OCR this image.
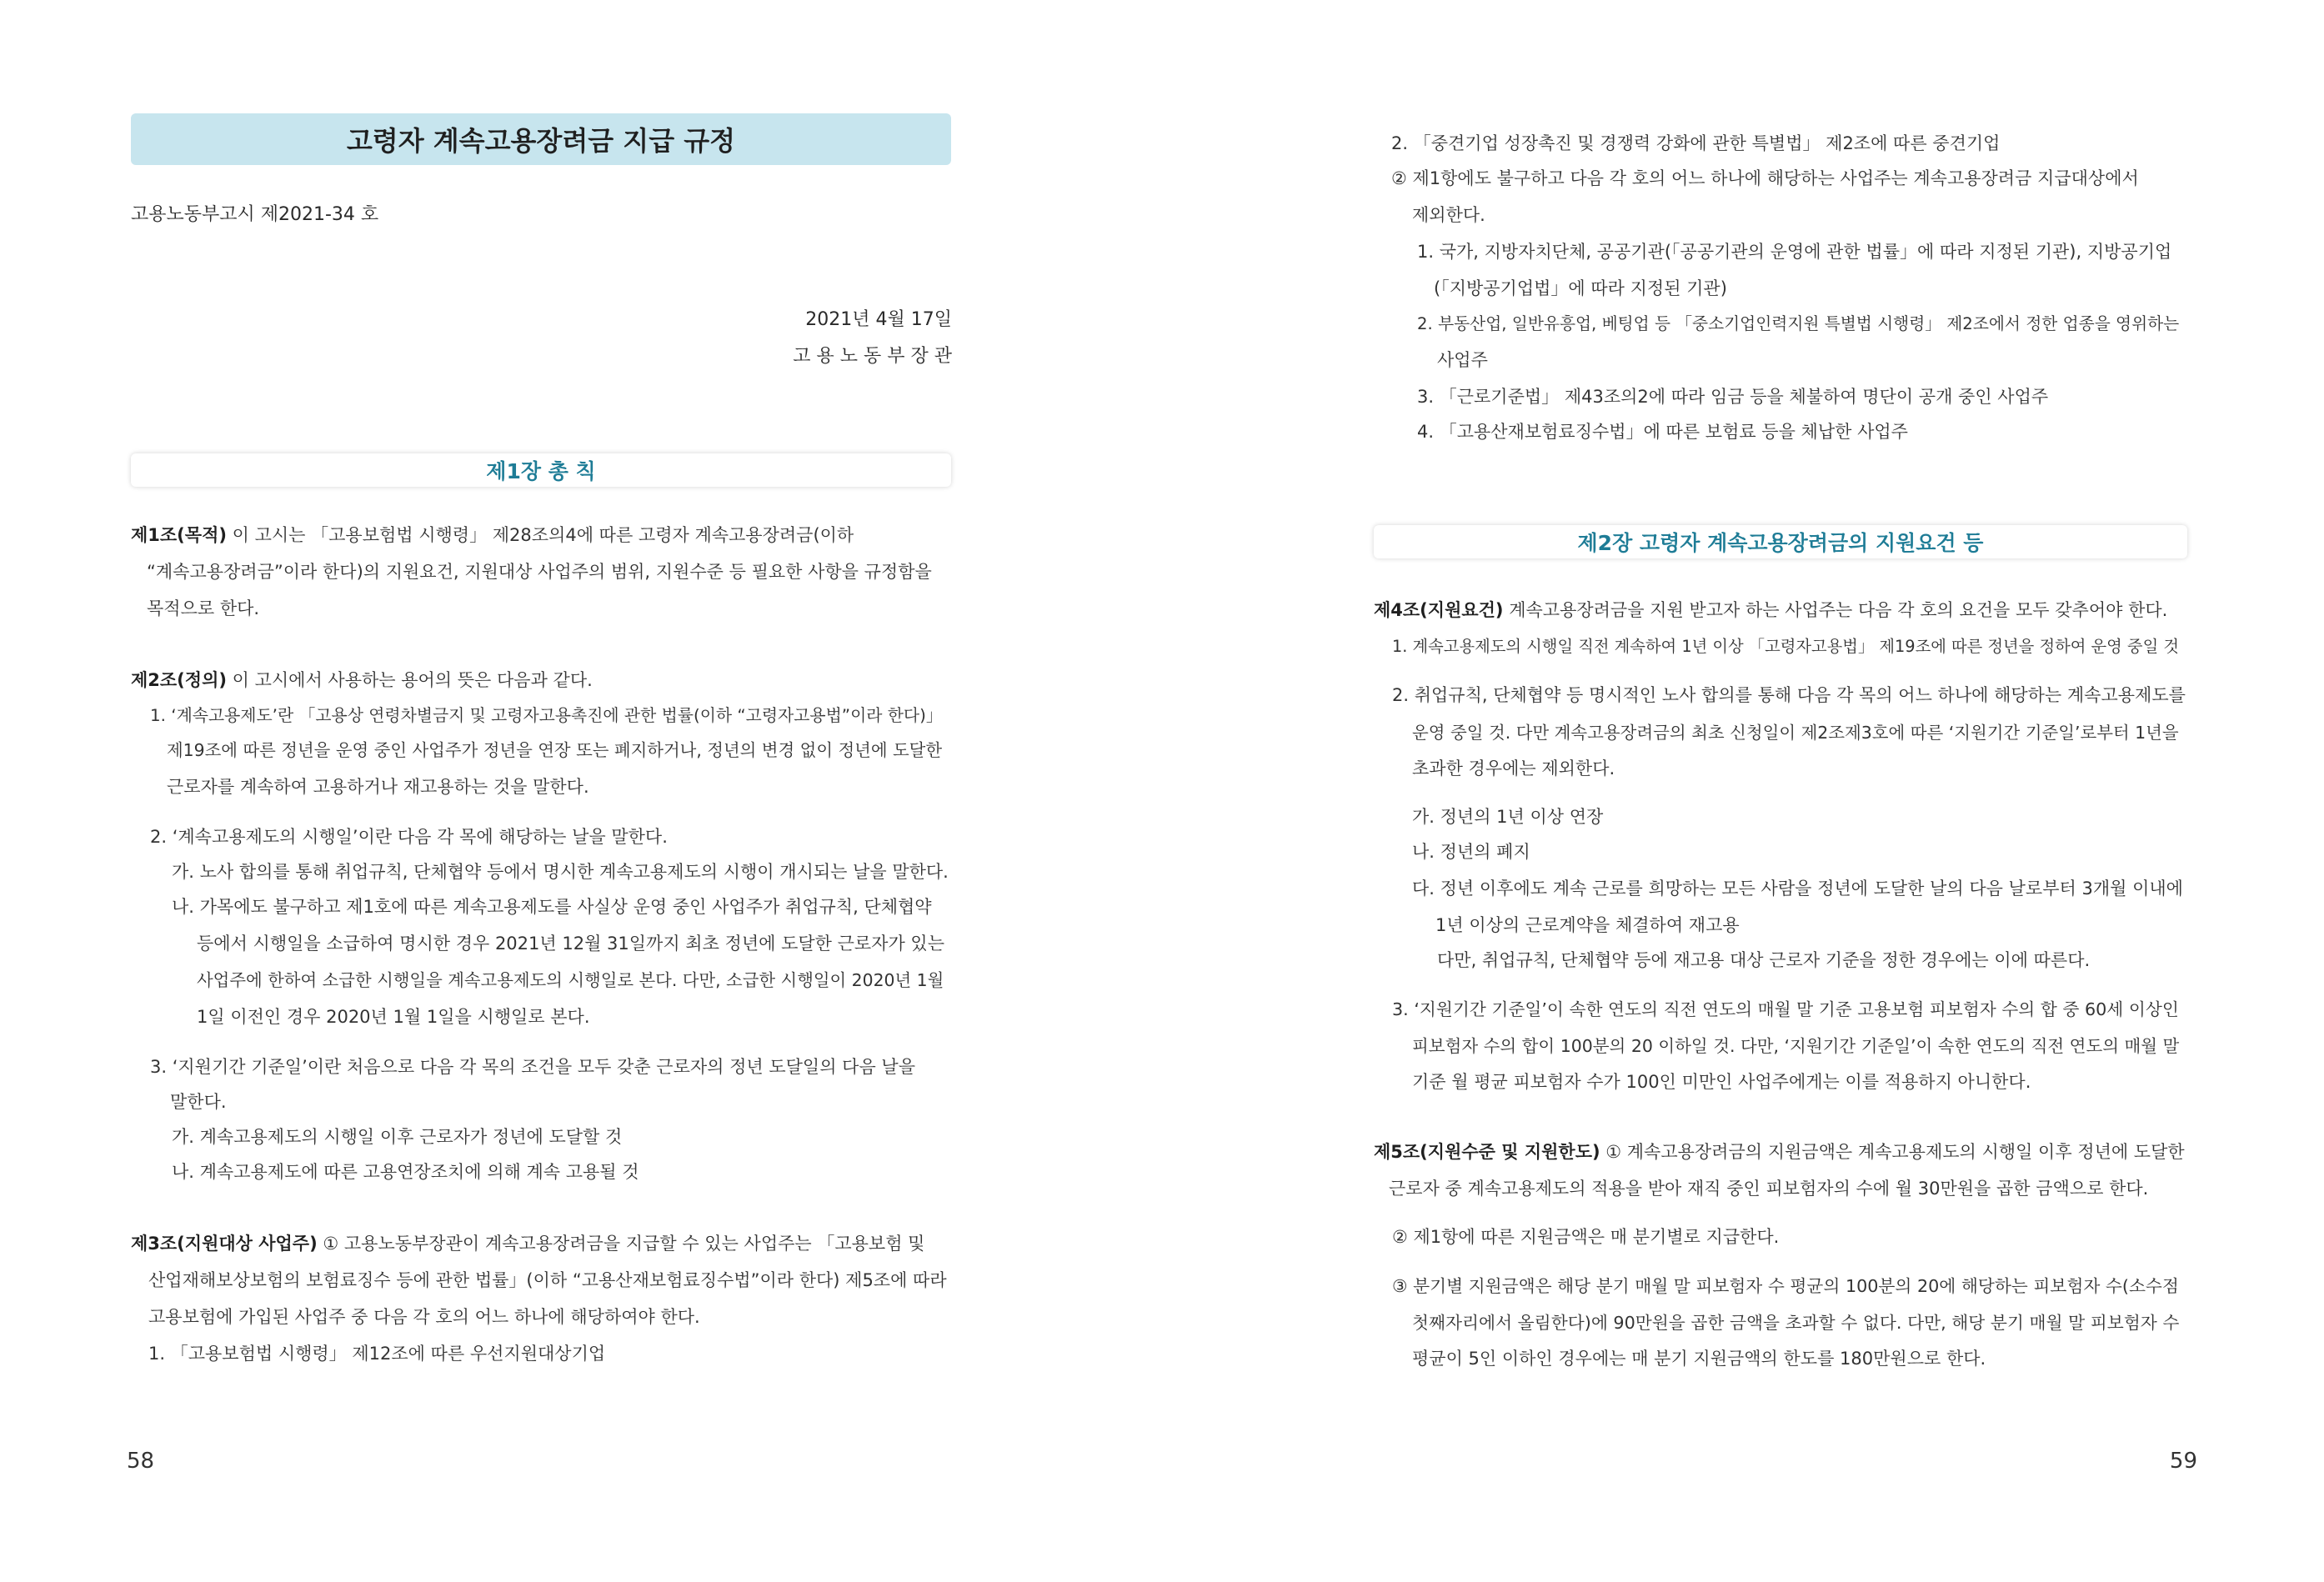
고령자 계속고용장려금 지급 규정
고용노동부고시 제2021-34 호
2021년 4월 17일
고 용 노 동 부 장 관
제1장 총 칙
제1조(목적) 이 고시는 「고용보험법 시행령」 제28조의4에 따른 고령자 계속고용장려금(이하
“계속고용장려금”이라 한다)의 지원요건, 지원대상 사업주의 범위, 지원수준 등 필요한 사항을 규정함을
목적으로 한다.
제2조(정의) 이 고시에서 사용하는 용어의 뜻은 다음과 같다.
1. ‘계속고용제도’란 「고용상 연령차별금지 및 고령자고용촉진에 관한 법률(이하 “고령자고용법”이라 한다)」
제19조에 따른 정년을 운영 중인 사업주가 정년을 연장 또는 폐지하거나, 정년의 변경 없이 정년에 도달한
근로자를 계속하여 고용하거나 재고용하는 것을 말한다.
2. ‘계속고용제도의 시행일’이란 다음 각 목에 해당하는 날을 말한다.
가. 노사 합의를 통해 취업규칙, 단체협약 등에서 명시한 계속고용제도의 시행이 개시되는 날을 말한다.
나. 가목에도 불구하고 제1호에 따른 계속고용제도를 사실상 운영 중인 사업주가 취업규칙, 단체협약
등에서 시행일을 소급하여 명시한 경우 2021년 12월 31일까지 최초 정년에 도달한 근로자가 있는
사업주에 한하여 소급한 시행일을 계속고용제도의 시행일로 본다. 다만, 소급한 시행일이 2020년 1월
1일 이전인 경우 2020년 1월 1일을 시행일로 본다.
3. ‘지원기간 기준일’이란 처음으로 다음 각 목의 조건을 모두 갖춘 근로자의 정년 도달일의 다음 날을
말한다.
가. 계속고용제도의 시행일 이후 근로자가 정년에 도달할 것
나. 계속고용제도에 따른 고용연장조치에 의해 계속 고용될 것
제3조(지원대상 사업주) ① 고용노동부장관이 계속고용장려금을 지급할 수 있는 사업주는 「고용보험 및
산업재해보상보험의 보험료징수 등에 관한 법률」(이하 “고용산재보험료징수법”이라 한다) 제5조에 따라
고용보험에 가입된 사업주 중 다음 각 호의 어느 하나에 해당하여야 한다.
1. 「고용보험법 시행령」 제12조에 따른 우선지원대상기업
58
2. 「중견기업 성장촉진 및 경쟁력 강화에 관한 특별법」 제2조에 따른 중견기업
② 제1항에도 불구하고 다음 각 호의 어느 하나에 해당하는 사업주는 계속고용장려금 지급대상에서
제외한다.
1. 국가, 지방자치단체, 공공기관(「공공기관의 운영에 관한 법률」에 따라 지정된 기관), 지방공기업
(「지방공기업법」에 따라 지정된 기관)
2. 부동산업, 일반유흥업, 베팅업 등 「중소기업인력지원 특별법 시행령」 제2조에서 정한 업종을 영위하는
사업주
3. 「근로기준법」 제43조의2에 따라 임금 등을 체불하여 명단이 공개 중인 사업주
4. 「고용산재보험료징수법」에 따른 보험료 등을 체납한 사업주
제2장 고령자 계속고용장려금의 지원요건 등
제4조(지원요건) 계속고용장려금을 지원 받고자 하는 사업주는 다음 각 호의 요건을 모두 갖추어야 한다.
1. 계속고용제도의 시행일 직전 계속하여 1년 이상 「고령자고용법」 제19조에 따른 정년을 정하여 운영 중일 것
2. 취업규칙, 단체협약 등 명시적인 노사 합의를 통해 다음 각 목의 어느 하나에 해당하는 계속고용제도를
운영 중일 것. 다만 계속고용장려금의 최초 신청일이 제2조제3호에 따른 ‘지원기간 기준일’로부터 1년을
초과한 경우에는 제외한다.
가. 정년의 1년 이상 연장
나. 정년의 폐지
다. 정년 이후에도 계속 근로를 희망하는 모든 사람을 정년에 도달한 날의 다음 날로부터 3개월 이내에
1년 이상의 근로계약을 체결하여 재고용
다만, 취업규칙, 단체협약 등에 재고용 대상 근로자 기준을 정한 경우에는 이에 따른다.
3. ‘지원기간 기준일’이 속한 연도의 직전 연도의 매월 말 기준 고용보험 피보험자 수의 합 중 60세 이상인
피보험자 수의 합이 100분의 20 이하일 것. 다만, ‘지원기간 기준일’이 속한 연도의 직전 연도의 매월 말
기준 월 평균 피보험자 수가 100인 미만인 사업주에게는 이를 적용하지 아니한다.
제5조(지원수준 및 지원한도) ① 계속고용장려금의 지원금액은 계속고용제도의 시행일 이후 정년에 도달한
근로자 중 계속고용제도의 적용을 받아 재직 중인 피보험자의 수에 월 30만원을 곱한 금액으로 한다.
② 제1항에 따른 지원금액은 매 분기별로 지급한다.
③ 분기별 지원금액은 해당 분기 매월 말 피보험자 수 평균의 100분의 20에 해당하는 피보험자 수(소수점
첫째자리에서 올림한다)에 90만원을 곱한 금액을 초과할 수 없다. 다만, 해당 분기 매월 말 피보험자 수
평균이 5인 이하인 경우에는 매 분기 지원금액의 한도를 180만원으로 한다.
59
